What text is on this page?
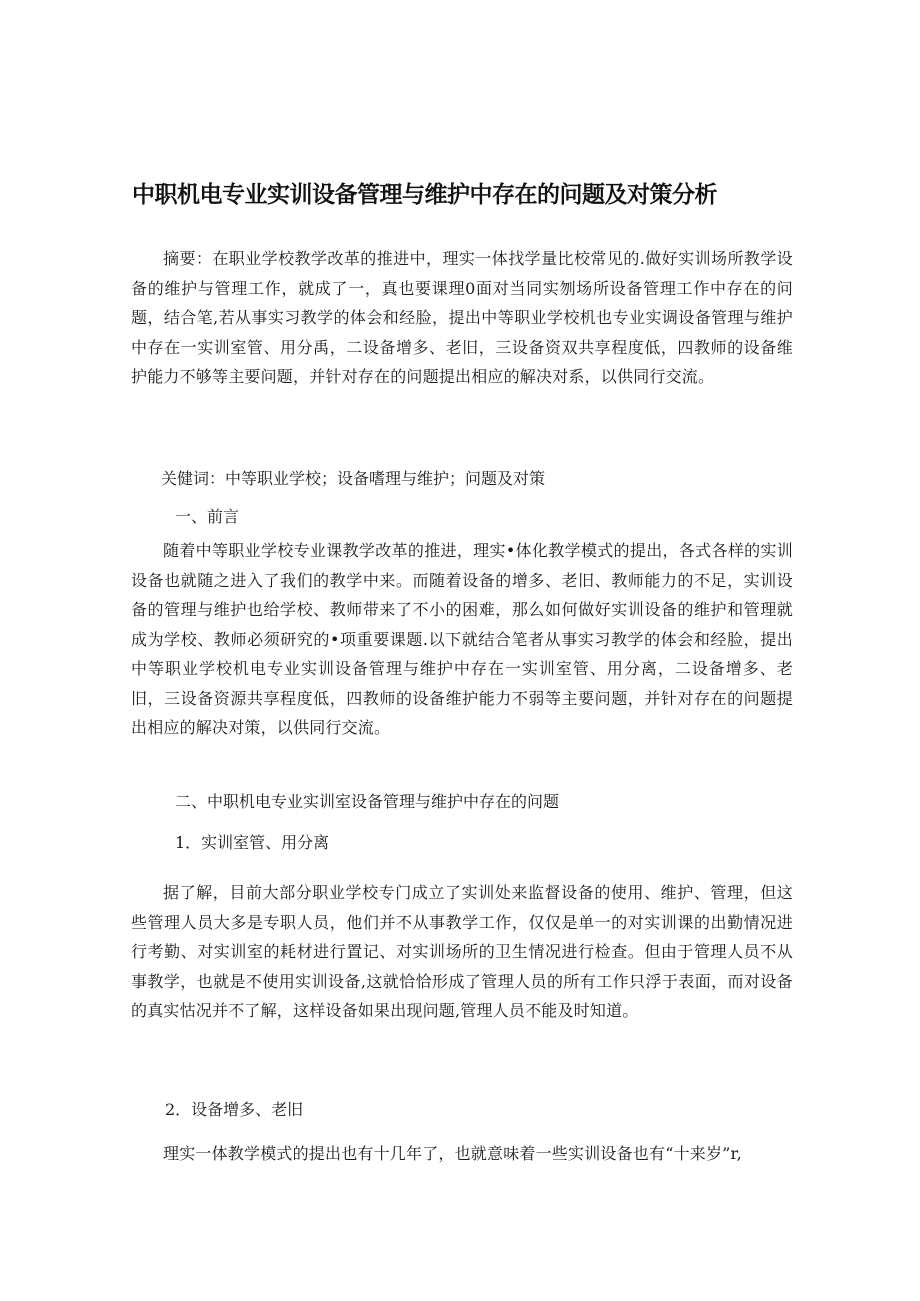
中职机电专业实训设备管理与维护中存在的问题及对策分析
摘要：在职业学校教学改革的推进中，理实一体找学量比校常见的.做好实训场所教学设备的维护与管理工作，就成了一，真也要课理0面对当同实刎场所设备管理工作中存在的问题，结合笔,若从事实习教学的体会和经脸，提出中等职业学校机也专业实调设备管理与维护中存在一实训室管、用分禹，二设备增多、老旧，三设备资双共享程度低，四教师的设备维护能力不够等主要问题，并针对存在的问题提出相应的解决对系，以供同行交流。
关健词：中等职业学校；设备嗜理与维护；问题及对策
一、前言
随着中等职业学校专业课教学改革的推进，理实•体化教学模式的提出，各式各样的实训设备也就随之进入了我们的教学中来。而随着设备的增多、老旧、教师能力的不足，实训设备的管理与维护也给学校、教师带来了不小的困难，那么如何做好实训设备的维护和管理就成为学校、教师必须研究的•项重要课题.以下就结合笔者从事实习教学的体会和经脸，提出中等职业学校机电专业实训设备管理与维护中存在一实训室管、用分离，二设备增多、老旧，三设备资源共享程度低，四教师的设备维护能力不弱等主要问题，并针对存在的问题提出相应的解决对策，以供同行交流。
二、中职机电专业实训室设备管理与维护中存在的问题
1．实训室管、用分离
据了解，目前大部分职业学校专门成立了实训处来监督设备的使用、维护、管理，但这些管理人员大多是专职人员，他们并不从事教学工作，仅仅是单一的对实训课的出勤情况进行考勤、对实训室的耗材进行置记、对实训场所的卫生情况进行检查。但由于管理人员不从事教学，也就是不使用实训设备,这就恰恰形成了管理人员的所有工作只浮于表面，而对设备的真实怙况并不了解，这样设备如果出现问题,管理人员不能及时知道。
2．设备增多、老旧
理实一体教学模式的提出也有十几年了，也就意味着一些实训设备也有“十来岁”r,
